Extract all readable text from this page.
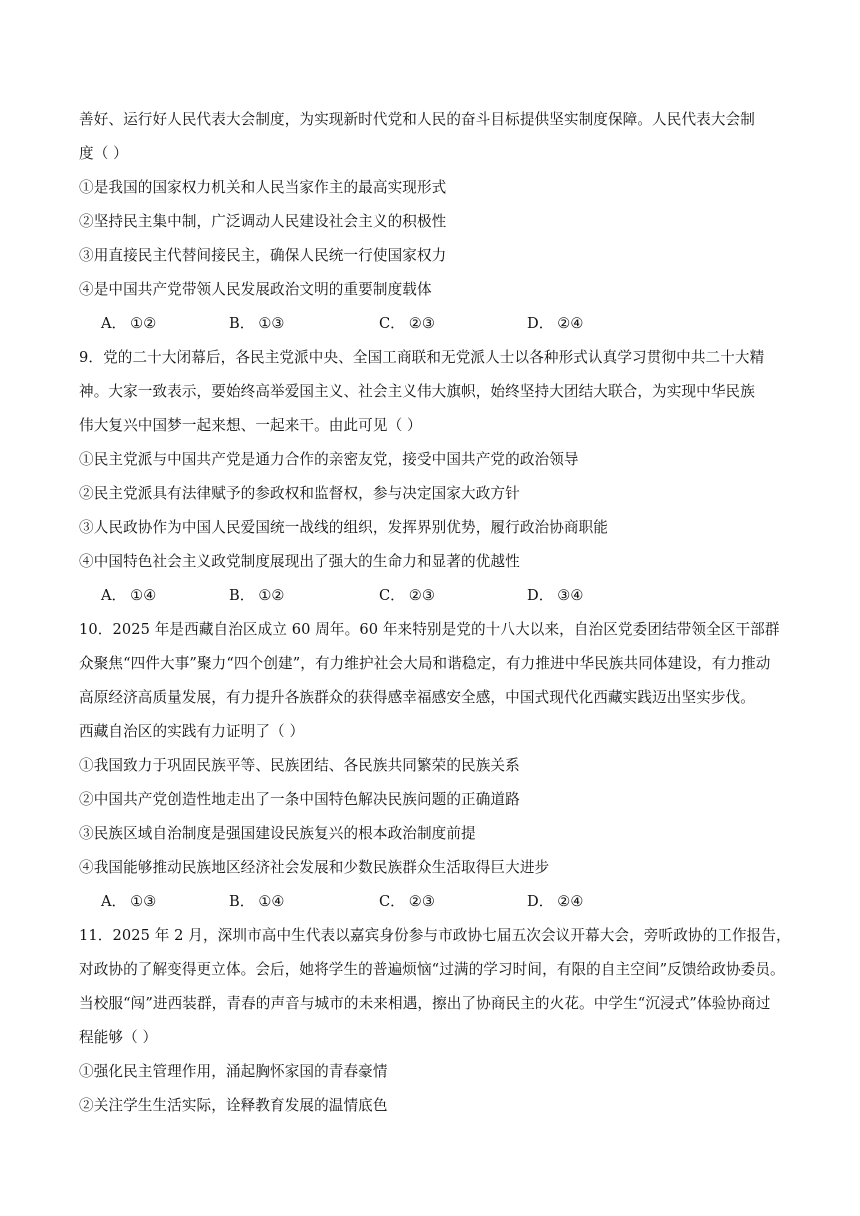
善好、运行好人民代表大会制度，为实现新时代党和人民的奋斗目标提供坚实制度保障。人民代表大会制
度（ ）
①是我国的国家权力机关和人民当家作主的最高实现形式
②坚持民主集中制，广泛调动人民建设社会主义的积极性
③用直接民主代替间接民主，确保人民统一行使国家权力
④是中国共产党带领人民发展政治文明的重要制度载体
A． ①②	B． ①③	C． ②③	D． ②④
9．党的二十大闭幕后，各民主党派中央、全国工商联和无党派人士以各种形式认真学习贯彻中共二十大精
神。大家一致表示，要始终高举爱国主义、社会主义伟大旗帜，始终坚持大团结大联合，为实现中华民族
伟大复兴中国梦一起来想、一起来干。由此可见（ ）
①民主党派与中国共产党是通力合作的亲密友党，接受中国共产党的政治领导
②民主党派具有法律赋予的参政权和监督权，参与决定国家大政方针
③人民政协作为中国人民爱国统一战线的组织，发挥界别优势，履行政治协商职能
④中国特色社会主义政党制度展现出了强大的生命力和显著的优越性
A． ①④	B． ①②	C． ②③	D． ③④
10．2025 年是西藏自治区成立 60 周年。60 年来特别是党的十八大以来，自治区党委团结带领全区干部群
众聚焦“四件大事”聚力“四个创建”，有力维护社会大局和谐稳定，有力推进中华民族共同体建设，有力推动
高原经济高质量发展，有力提升各族群众的获得感幸福感安全感，中国式现代化西藏实践迈出坚实步伐。
西藏自治区的实践有力证明了（ ）
①我国致力于巩固民族平等、民族团结、各民族共同繁荣的民族关系
②中国共产党创造性地走出了一条中国特色解决民族问题的正确道路
③民族区域自治制度是强国建设民族复兴的根本政治制度前提
④我国能够推动民族地区经济社会发展和少数民族群众生活取得巨大进步
A． ①③	B． ①④	C． ②③	D． ②④
11．2025 年 2 月，深圳市高中生代表以嘉宾身份参与市政协七届五次会议开幕大会，旁听政协的工作报告，
对政协的了解变得更立体。会后，她将学生的普遍烦恼“过满的学习时间，有限的自主空间”反馈给政协委员。
当校服“闯”进西装群，青春的声音与城市的未来相遇，擦出了协商民主的火花。中学生“沉浸式”体验协商过
程能够（ ）
①强化民主管理作用，涌起胸怀家国的青春豪情
②关注学生生活实际，诠释教育发展的温情底色
